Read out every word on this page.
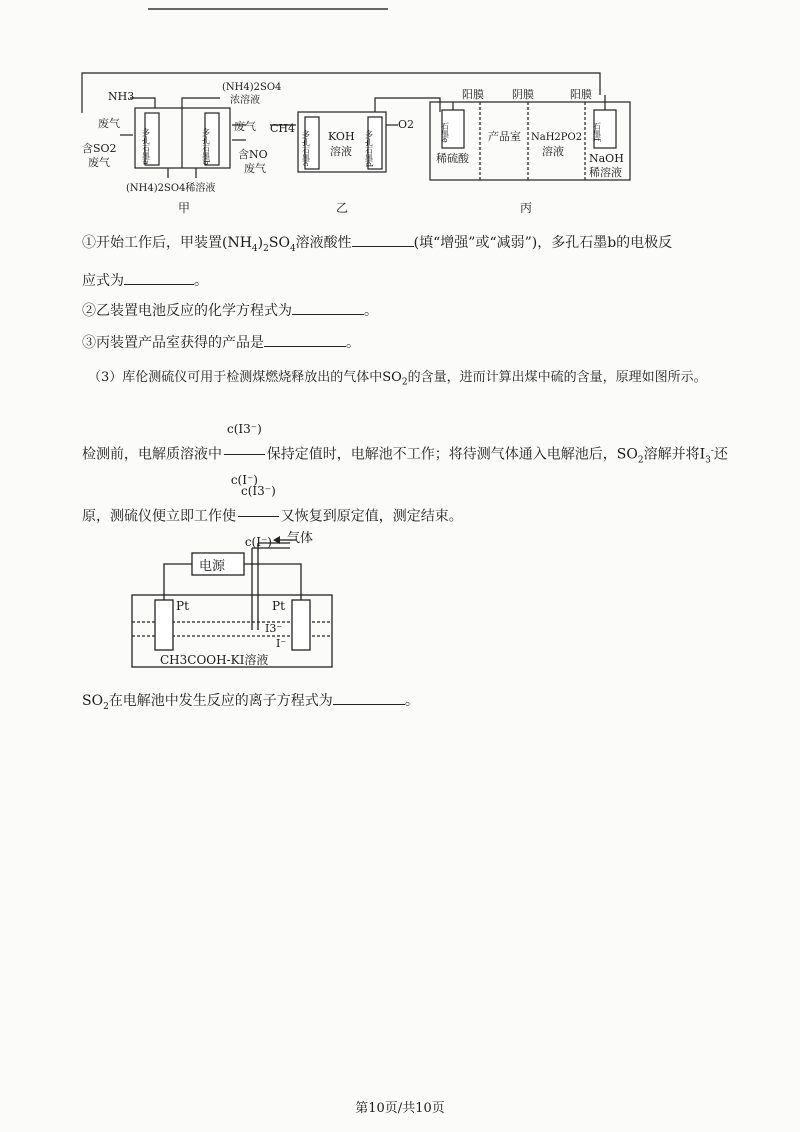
NH3
(NH4)2SO4
浓溶液
废气
含SO2
废气	多孔石墨a	多孔石墨b
废气
含NO
废气
(NH4)2SO4稀溶液
甲
CH4	O2
多孔石墨c	多孔石墨d
KOH
溶液
乙
阳膜	阴膜	阳膜
石墨e	石墨f
稀硫酸
产品室 NaH2PO2
溶液
NaOH
稀溶液
丙
①开始工作后，甲装置$(NH_4)_2SO_4$溶液酸性	(填“增强”或“减弱”)，多孔石墨b的电极反
应式为	。
②乙装置电池反应的化学方程式为	。
③丙装置产品室获得的产品是	。
（3）库伦测硫仪可用于检测煤燃烧释放出的气体中$SO_2$的含量，进而计算出煤中硫的含量，原理如图所示。
检测前，电解质溶液中 $\frac{c(I3^-)}{c(I^-)}$ 保持定值时，电解池不工作；将待测气体通入电解池后，$SO_2$溶解并将$I_3^-$还
原，测硫仪便立即工作使 $\frac{c(I3^-)}{c(I^-)}$ 又恢复到原定值，测定结束。
气体
电源
Pt	Pt
I3⁻
I⁻
CH3COOH-KI溶液
$SO_2$在电解池中发生反应的离子方程式为	。
第10页/共10页
